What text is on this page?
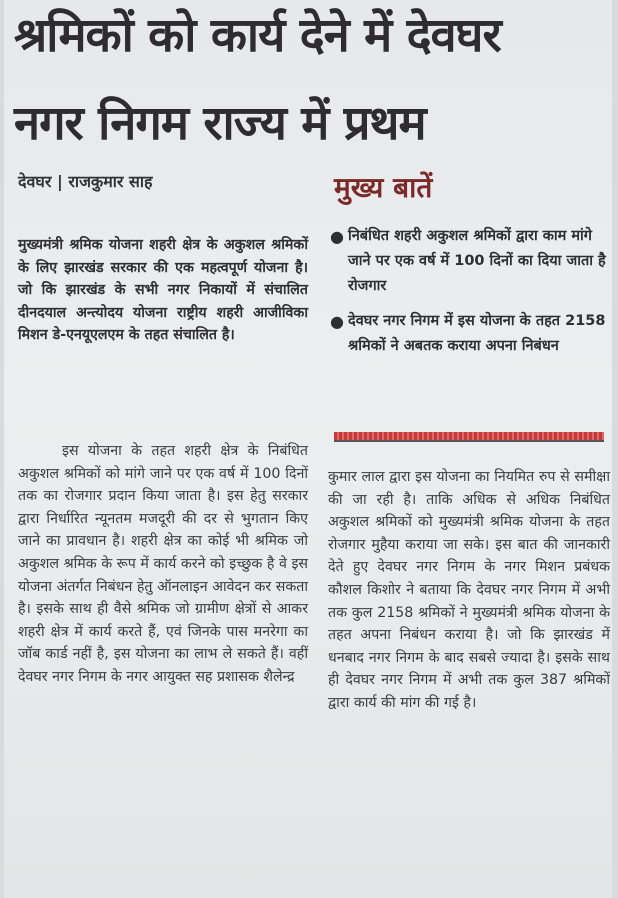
श्रमिकों को कार्य देने में देवघर
नगर निगम राज्य में प्रथम
देवघर | राजकुमार साह	मुख्य बातें
● निबंधित शहरी अकुशल श्रमिकों द्वारा काम मांगे जाने पर एक वर्ष में 100 दिनों का दिया जाता है रोजगार
● देवघर नगर निगम में इस योजना के तहत 2158 श्रमिकों ने अबतक कराया अपना निबंधन

मुख्यमंत्री श्रमिक योजना शहरी क्षेत्र के अकुशल श्रमिकों के लिए झारखंड सरकार की एक महत्वपूर्ण योजना है। जो कि झारखंड के सभी नगर निकायों में संचालित दीनदयाल अन्त्योदय योजना राष्ट्रीय शहरी आजीविका मिशन डे-एनयूएलएम के तहत संचालित है।

इस योजना के तहत शहरी क्षेत्र के निबंधित अकुशल श्रमिकों को मांगे जाने पर एक वर्ष में 100 दिनों तक का रोजगार प्रदान किया जाता है। इस हेतु सरकार द्वारा निर्धारित न्यूनतम मजदूरी की दर से भुगतान किए जाने का प्रावधान है। शहरी क्षेत्र का कोई भी श्रमिक जो अकुशल श्रमिक के रूप में कार्य करने को इच्छुक है वे इस योजना अंतर्गत निबंधन हेतु ऑनलाइन आवेदन कर सकता है। इसके साथ ही वैसे श्रमिक जो ग्रामीण क्षेत्रों से आकर शहरी क्षेत्र में कार्य करते हैं, एवं जिनके पास मनरेगा का जॉब कार्ड नहीं है, इस योजना का लाभ ले सकते हैं। वहीं देवघर नगर निगम के नगर आयुक्त सह प्रशासक शैलेन्द्र

कुमार लाल द्वारा इस योजना का नियमित रुप से समीक्षा की जा रही है। ताकि अधिक से अधिक निबंधित अकुशल श्रमिकों को मुख्यमंत्री श्रमिक योजना के तहत रोजगार मुहैया कराया जा सके। इस बात की जानकारी देते हुए देवघर नगर निगम के नगर मिशन प्रबंधक कौशल किशोर ने बताया कि देवघर नगर निगम में अभी तक कुल 2158 श्रमिकों ने मुख्यमंत्री श्रमिक योजना के तहत अपना निबंधन कराया है। जो कि झारखंड में धनबाद नगर निगम के बाद सबसे ज्यादा है। इसके साथ ही देवघर नगर निगम में अभी तक कुल 387 श्रमिकों द्वारा कार्य की मांग की गई है।
